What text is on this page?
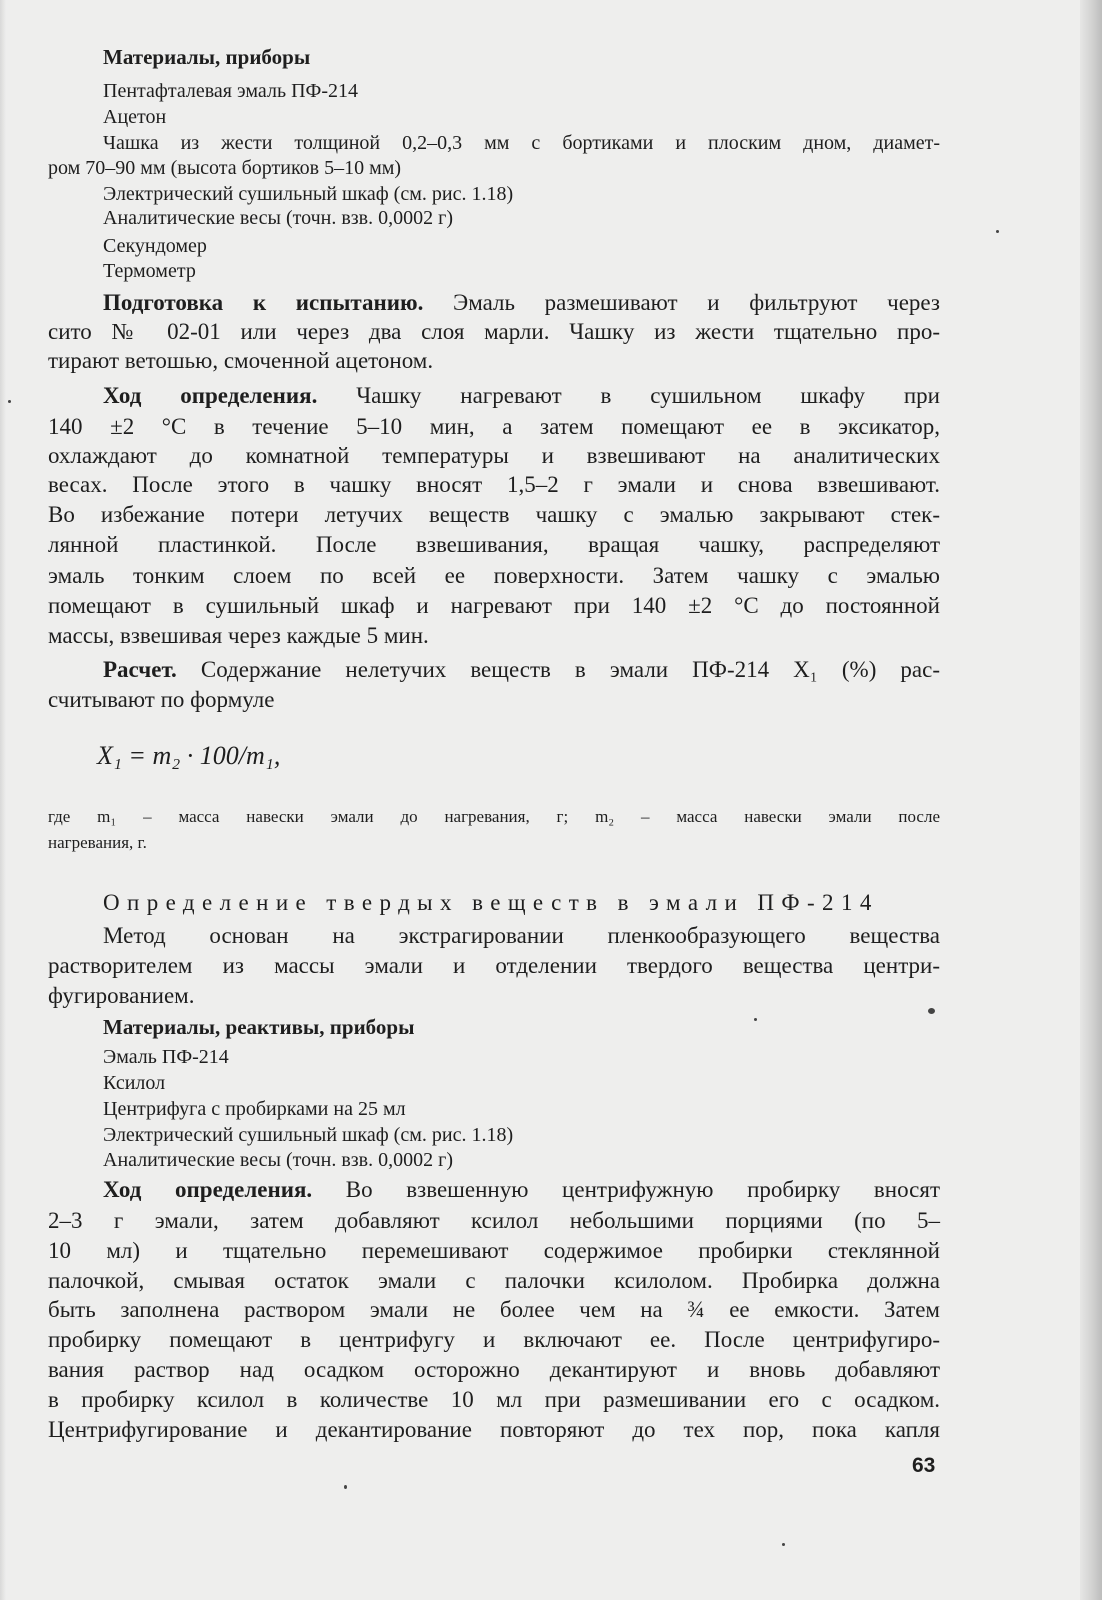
Материалы, приборы
Пентафталевая эмаль ПФ-214
Ацетон
Чашка из жести толщиной 0,2–0,3 мм с бортиками и плоским дном, диамет-
ром 70–90 мм (высота бортиков 5–10 мм)
Электрический сушильный шкаф (см. рис. 1.18)
Аналитические весы (точн. взв. 0,0002 г)
Секундомер
Термометр
Подготовка к испытанию. Эмаль размешивают и фильтруют через
сито № 02-01 или через два слоя марли. Чашку из жести тщательно про-
тирают ветошью, смоченной ацетоном.
Ход определения. Чашку нагревают в сушильном шкафу при
140 ±2 °C в течение 5–10 мин, а затем помещают ее в эксикатор,
охлаждают до комнатной температуры и взвешивают на аналитических
весах. После этого в чашку вносят 1,5–2 г эмали и снова взвешивают.
Во избежание потери летучих веществ чашку с эмалью закрывают стек-
лянной пластинкой. После взвешивания, вращая чашку, распределяют
эмаль тонким слоем по всей ее поверхности. Затем чашку с эмалью
помещают в сушильный шкаф и нагревают при 140 ±2 °C до постоянной
массы, взвешивая через каждые 5 мин.
Расчет. Содержание нелетучих веществ в эмали ПФ-214 X₁ (%) рас-
считывают по формуле
X₁ = m₂ · 100/m₁,
где m₁ – масса навески эмали до нагревания, г; m₂ – масса навески эмали после
нагревания, г.
Определение твердых веществ в эмали ПФ-214
Метод основан на экстрагировании пленкообразующего вещества
растворителем из массы эмали и отделении твердого вещества центри-
фугированием.
Материалы, реактивы, приборы
Эмаль ПФ-214
Ксилол
Центрифуга с пробирками на 25 мл
Электрический сушильный шкаф (см. рис. 1.18)
Аналитические весы (точн. взв. 0,0002 г)
Ход определения. Во взвешенную центрифужную пробирку вносят
2–3 г эмали, затем добавляют ксилол небольшими порциями (по 5–
10 мл) и тщательно перемешивают содержимое пробирки стеклянной
палочкой, смывая остаток эмали с палочки ксилолом. Пробирка должна
быть заполнена раствором эмали не более чем на ¾ ее емкости. Затем
пробирку помещают в центрифугу и включают ее. После центрифугиро-
вания раствор над осадком осторожно декантируют и вновь добавляют
в пробирку ксилол в количестве 10 мл при размешивании его с осадком.
Центрифугирование и декантирование повторяют до тех пор, пока капля
63
